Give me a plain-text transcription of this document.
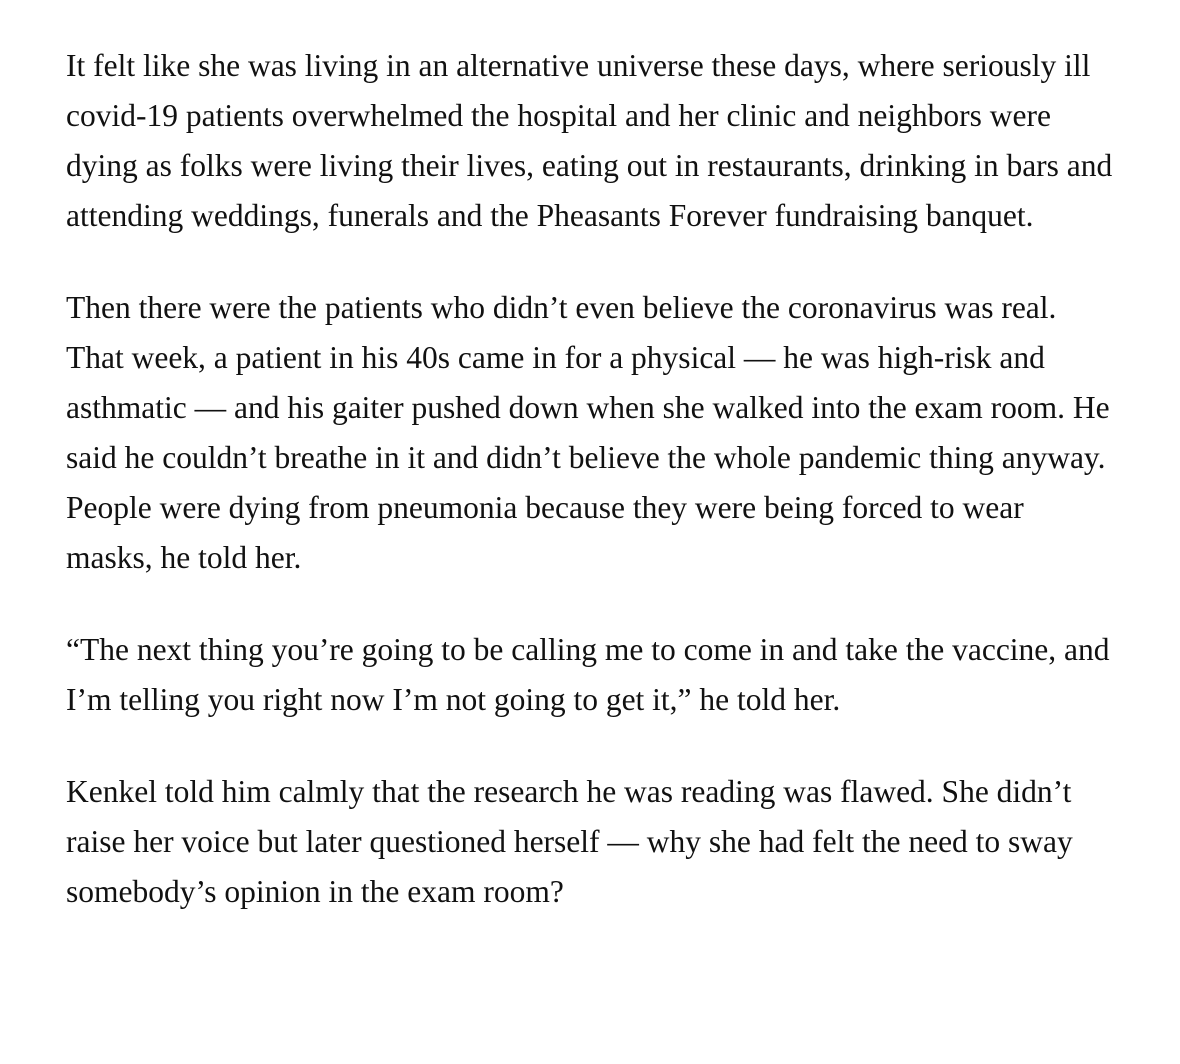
It felt like she was living in an alternative universe these days, where seriously ill covid-19 patients overwhelmed the hospital and her clinic and neighbors were dying as folks were living their lives, eating out in restaurants, drinking in bars and attending weddings, funerals and the Pheasants Forever fundraising banquet.

Then there were the patients who didn’t even believe the coronavirus was real. That week, a patient in his 40s came in for a physical — he was high-risk and asthmatic — and his gaiter pushed down when she walked into the exam room. He said he couldn’t breathe in it and didn’t believe the whole pandemic thing anyway. People were dying from pneumonia because they were being forced to wear masks, he told her.

“The next thing you’re going to be calling me to come in and take the vaccine, and I’m telling you right now I’m not going to get it,” he told her.

Kenkel told him calmly that the research he was reading was flawed. She didn’t raise her voice but later questioned herself — why she had felt the need to sway somebody’s opinion in the exam room?
